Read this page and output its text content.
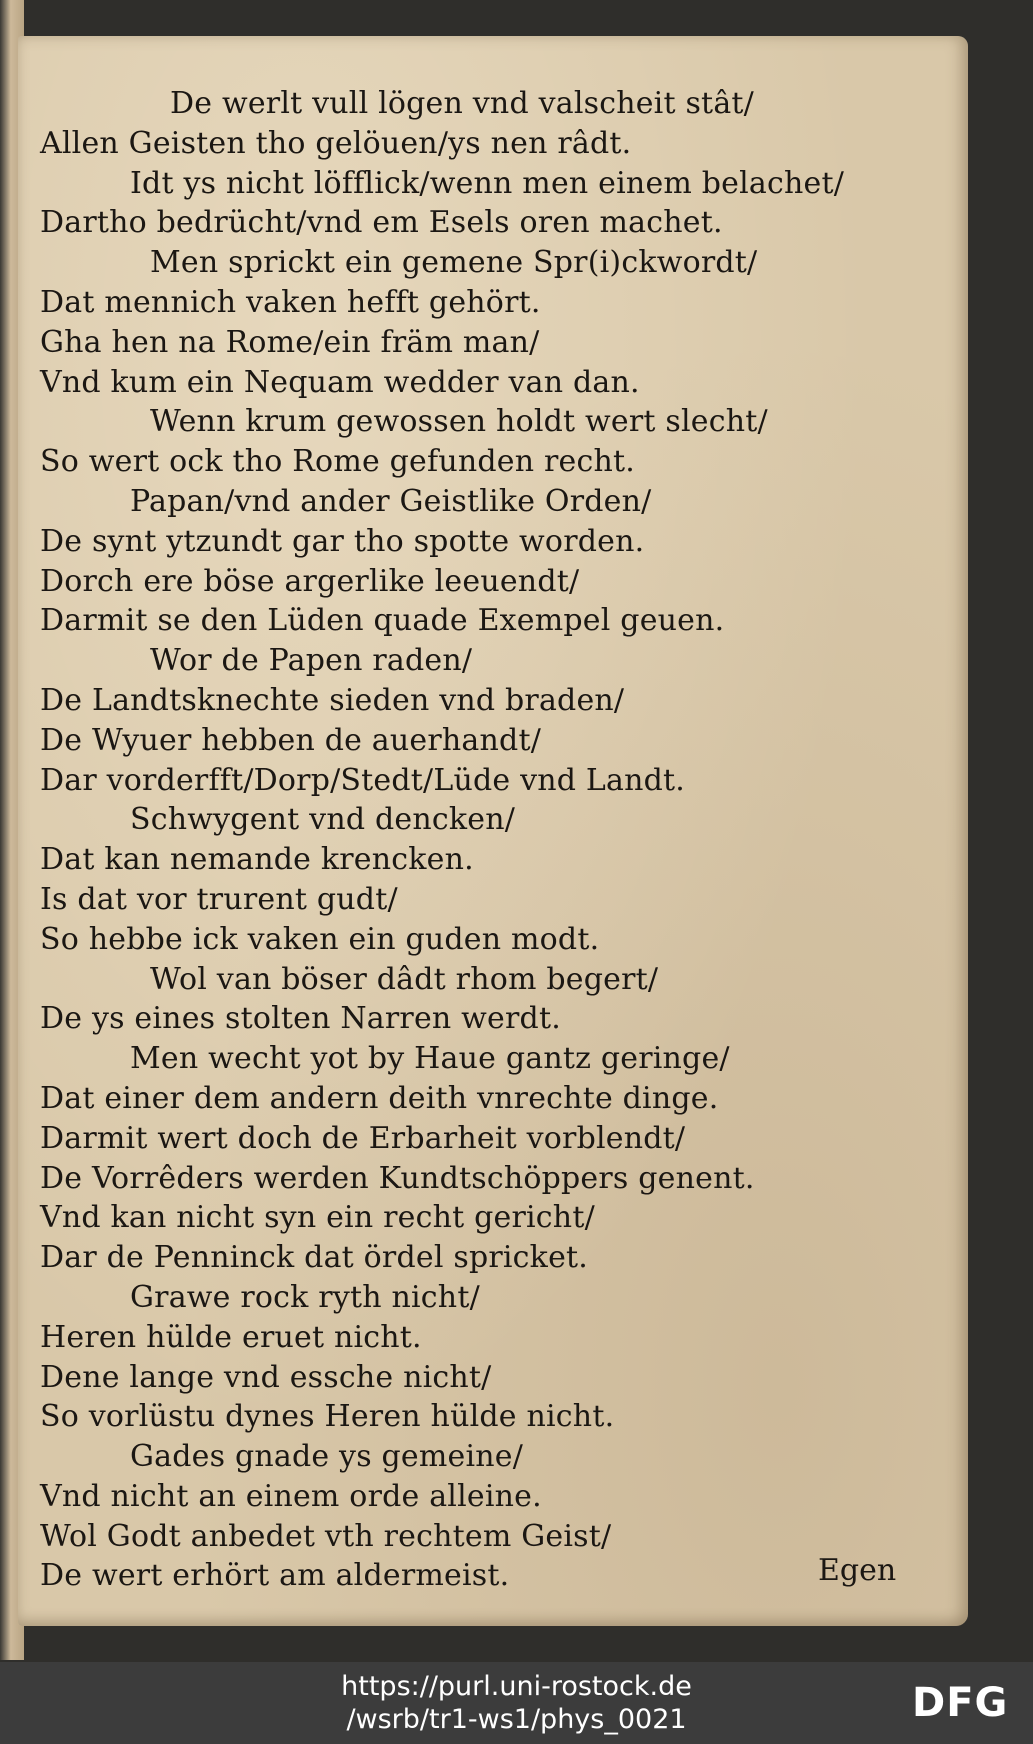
De werlt vull lögen vnd valscheit stât/
Allen Geisten tho gelöuen/ys nen râdt.
Idt ys nicht löfflick/wenn men einem belachet/
Dartho bedrücht/vnd em Esels oren machet.
Men sprickt ein gemene Spr(i)ckwordt/
Dat mennich vaken hefft gehört.
Gha hen na Rome/ein främ man/
Vnd kum ein Nequam wedder van dan.
Wenn krum gewossen holdt wert slecht/
So wert ock tho Rome gefunden recht.
Papan/vnd ander Geistlike Orden/
De synt ytzundt gar tho spotte worden.
Dorch ere böse argerlike leeuendt/
Darmit se den Lüden quade Exempel geuen.
Wor de Papen raden/
De Landtsknechte sieden vnd braden/
De Wyuer hebben de auerhandt/
Dar vorderfft/Dorp/Stedt/Lüde vnd Landt.
Schwygent vnd dencken/
Dat kan nemande krencken.
Is dat vor trurent gudt/
So hebbe ick vaken ein guden modt.
Wol van böser dâdt rhom begert/
De ys eines stolten Narren werdt.
Men wecht yot by Haue gantz geringe/
Dat einer dem andern deith vnrechte dinge.
Darmit wert doch de Erbarheit vorblendt/
De Vorrêders werden Kundtschöppers genent.
Vnd kan nicht syn ein recht gericht/
Dar de Penninck dat ördel spricket.
Grawe rock ryth nicht/
Heren hülde eruet nicht.
Dene lange vnd essche nicht/
So vorlüstu dynes Heren hülde nicht.
Gades gnade ys gemeine/
Vnd nicht an einem orde alleine.
Wol Godt anbedet vth rechtem Geist/
De wert erhört am aldermeist.	Egen
https://purl.uni-rostock.de
/wsrb/tr1-ws1/phys_0021	DFG
